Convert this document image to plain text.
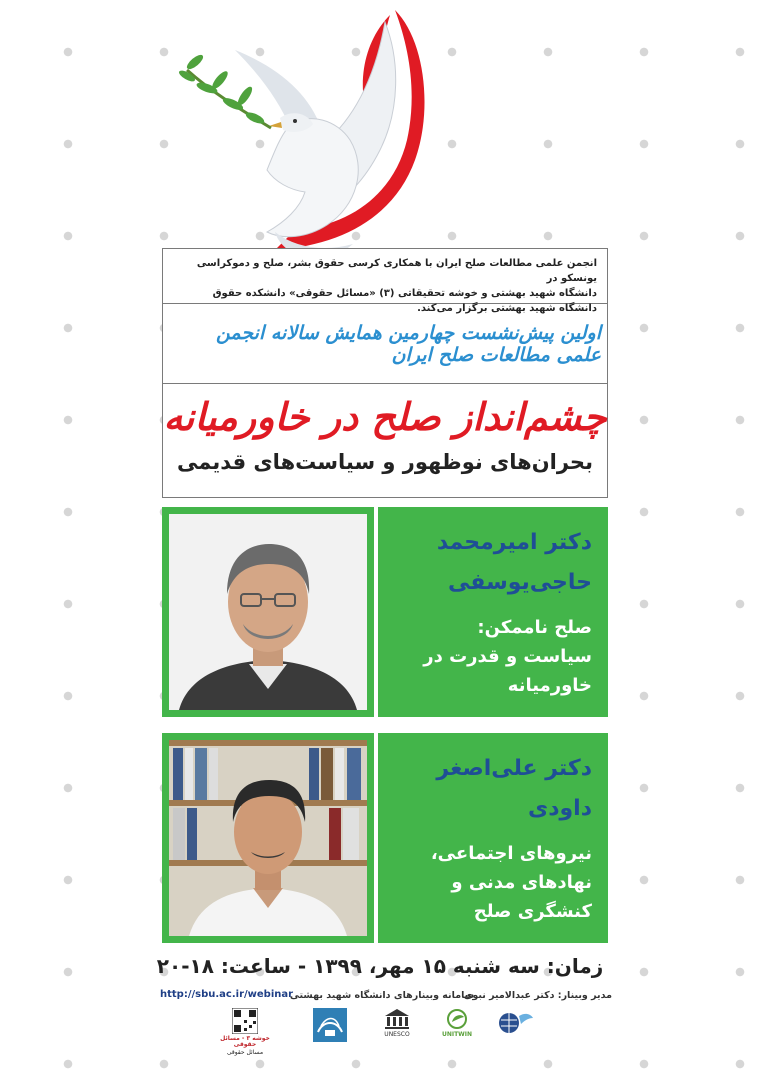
انجمن علمی مطالعات صلح ایران با همکاری کرسی حقوق بشر، صلح و دموکراسی یونسکو در
دانشگاه شهید بهشتی و خوشه تحقیقاتی (۳) «مسائل حقوقی» دانشکده حقوق دانشگاه شهید بهشتی برگزار می‌کند.
اولین پیش‌نشست چهارمین همایش سالانه انجمن علمی مطالعات صلح ایران
چشم‌انداز صلح در خاورمیانه
بحران‌های نوظهور و سیاست‌های قدیمی
دکتر امیرمحمد
حاجی‌یوسفی
صلح ناممکن:
سیاست و قدرت در
خاورمیانه
دکتر علی‌اصغر
داودی
نیروهای اجتماعی،
نهادهای مدنی و
کنشگری صلح
زمان: سه شنبه ۱۵ مهر، ۱۳۹۹ - ساعت: ۱۸-۲۰
مدیر وبینار: دکتر عبدالامیر نبوی
سامانه وبینارهای دانشگاه شهید بهشتی
http://sbu.ac.ir/webinar
خوشه ۳ - مسائل حقوقی
مسائل حقوقی
UNESCO	UNITWIN
